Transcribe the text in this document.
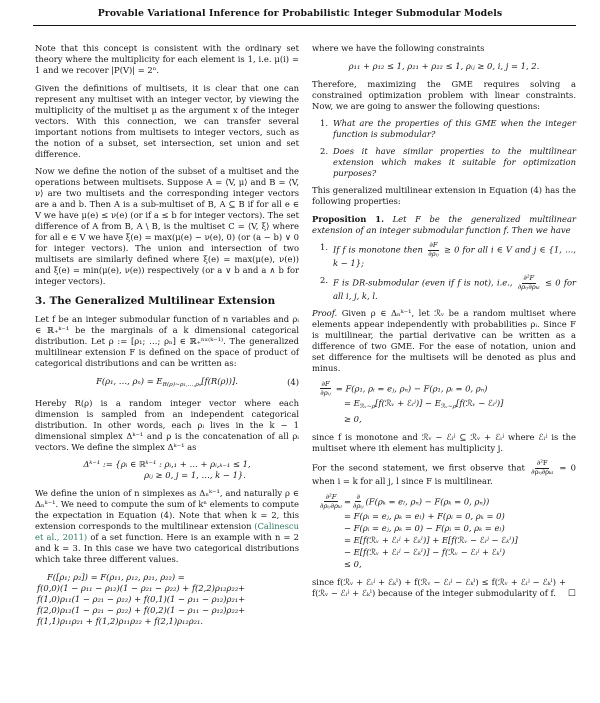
Provable Variational Inference for Probabilistic Integer Submodular Models

Note that this concept is consistent with the ordinary set theory where the multiplicity for each element is 1, i.e. μ(i) = 1 and we recover |P(V)| = 2ⁿ.

Given the definitions of multisets, it is clear that one can represent any multiset with an integer vector, by viewing the multiplicity of the multiset μ as the argument x of the integer vectors. With this connection, we can transfer several important notions from multisets to integer vectors, such as the notion of a subset, set intersection, set union and set difference.

Now we define the notion of the subset of a multiset and the operations between multisets. Suppose A = ⟨V, μ⟩ and B = ⟨V, ν⟩ are two multisets and the corresponding integer vectors are a and b. Then A is a sub-multiset of B, A ⊆ B if for all e ∈ V we have μ(e) ≤ ν(e) (or if a ≤ b for integer vectors). The set difference of A from B, A \ B, is the multiset C = ⟨V, ξ⟩ where for all e ∈ V we have ξ(e) = max(μ(e) − ν(e), 0) (or (a − b) ∨ 0 for integer vectors). The union and intersection of two multisets are similarly defined where ξ(e) = max(μ(e), ν(e)) and ξ(e) = min(μ(e), ν(e)) respectively (or a ∨ b and a ∧ b for integer vectors).

3. The Generalized Multilinear Extension

Let f be an integer submodular function of n variables and ρᵢ ∈ ℝ₊ᵏ⁻¹ be the marginals of a k dimensional categorical distribution. Let ρ := [ρ₁; …; ρₙ] ∈ ℝ₊ⁿˣ⁽ᵏ⁻¹⁾. The generalized multilinear extension F is defined on the space of product of categorical distributions and can be written as:

F(ρ₁, …, $\rho_n) = E_{R(\rho)\sim\rho_1,\dots,\rho_n}[f(R(\rho))]$.	(4)

Hereby R(ρ) is a random integer vector where each dimension is sampled from an independent categorical distribution. In other words, each ρᵢ lives in the k − 1 dimensional simplex Δᵏ⁻¹ and ρ is the concatenation of all ρᵢ vectors. We define the simplex Δᵏ⁻¹ as

Δᵏ⁻¹ := {ρᵢ ∈ ℝᵏ⁻¹ : ρᵢ,₁ + … + ρᵢ,ₖ₋₁ ≤ 1,
ρᵢⱼ ≥ 0, j = 1, …, k − 1}.

We define the union of n simplexes as Δₙᵏ⁻¹, and naturally ρ ∈ Δₙᵏ⁻¹. We need to compute the sum of kⁿ elements to compute the expectation in Equation (4). Note that when k = 2, this extension corresponds to the multilinear extension (Calinescu et al., 2011) of a set function. Here is an example with n = 2 and k = 3. In this case we have two categorical distributions which take three different values.

F([ρ₁; ρ₂]) = F(ρ₁₁, ρ₁₂, ρ₂₁, ρ₂₂) =
f(0,0)(1 − ρ₁₁ − ρ₁₂)(1 − ρ₂₁ − ρ₂₂) + f(2,2)ρ₁₂ρ₂₂+
f(1,0)ρ₁₁(1 − ρ₂₁ − ρ₂₂) + f(0,1)(1 − ρ₁₁ − ρ₁₂)ρ₂₁+
f(2,0)ρ₁₂(1 − ρ₂₁ − ρ₂₂) + f(0,2)(1 − ρ₁₁ − ρ₁₂)ρ₂₂+
f(1,1)ρ₁₁ρ₂₁ + f(1,2)ρ₁₁ρ₂₂ + f(2,1)ρ₁₂ρ₂₁.

where we have the following constraints

ρ₁₁ + ρ₁₂ ≤ 1, ρ₂₁ + ρ₂₂ ≤ 1, ρᵢⱼ ≥ 0, i, j = 1, 2.

Therefore, maximizing the GME requires solving a constrained optimization problem with linear constraints. Now, we are going to answer the following questions:

1. What are the properties of this GME when the integer function is submodular?
2. Does it have similar properties to the multilinear extension which makes it suitable for optimization purposes?

This generalized multilinear extension in Equation (4) has the following properties:

Proposition 1. Let F be the generalized multilinear extension of an integer submodular function f. Then we have

1. If f is monotone then $\frac{\partial F}{\text{∂ρᵢⱼ}} \ge 0$ for all i ∈ V and j ∈ {1, …, k − 1};
2. F is DR-submodular (even if f is not), i.e., $\frac{\text{∂²F}}{\text{∂ρᵢⱼ∂ρₖₗ}} \le 0$ for all i, j, k, l.

Proof. Given ρ ∈ Δₙᵏ⁻¹, let ℛᵥ be a random multiset where elements appear independently with probabilities ρᵢ. Since F is multilinear, the partial derivative can be written as a difference of two GME. For the ease of notation, union and set difference for the multisets will be denoted as plus and minus.

$\frac{\partial F}{\text{∂ρᵢⱼ}} = F(\rho_1$, ρᵢ = eⱼ, ρₙ) − F(ρ₁, ρᵢ = 0, ρₙ)
= $E_{ℛᵥ\sim\rho}[f(ℛᵥ$ + ℰᵢʲ)] − $E_{ℛᵥ\sim\rho}[f(ℛᵥ$ − ℰᵢʲ)]
≥ 0,

since f is monotone and ℛᵥ − ℰᵢʲ ⊆ ℛᵥ + ℰᵢʲ where ℰᵢʲ is the multiset where ith element has multiplicity j.

For the second statement, we first observe that $\frac{\text{∂²F}}{\text{∂ρᵢⱼ∂ρₖₗ}} = 0$ when i = k for all j, l since F is multilinear.

$\frac{\text{∂²F}}{\text{∂ρᵢⱼ∂ρₖₗ}} = \frac{\partial}{\text{∂ρᵢⱼ}} (F(\rho_k = e_l$, ρₙ) − F(ρₖ = 0, ρₙ))
= F(ρᵢ = eⱼ, ρₖ = eₗ) + F(ρᵢ = 0, ρₖ = 0)
− F(ρᵢ = eⱼ, ρₖ = 0) − F(ρᵢ = 0, ρₖ = eₗ)
= E[f(ℛᵥ + ℰᵢʲ + ℰₖˡ)] + E[f(ℛᵥ − ℰᵢʲ − ℰₖˡ)]
− E[f(ℛᵥ + ℰᵢʲ − ℰₖˡ)] − f(ℛᵥ − ℰᵢʲ + ℰₖˡ)
≤ 0,

since f(ℛᵥ + ℰᵢʲ + ℰₖˡ) + f(ℛᵥ − ℰᵢʲ − ℰₖˡ) ≤ f(ℛᵥ + ℰᵢʲ − ℰₖˡ) + f(ℛᵥ − ℰᵢʲ + ℰₖˡ) because of the integer submodularity of f. □
